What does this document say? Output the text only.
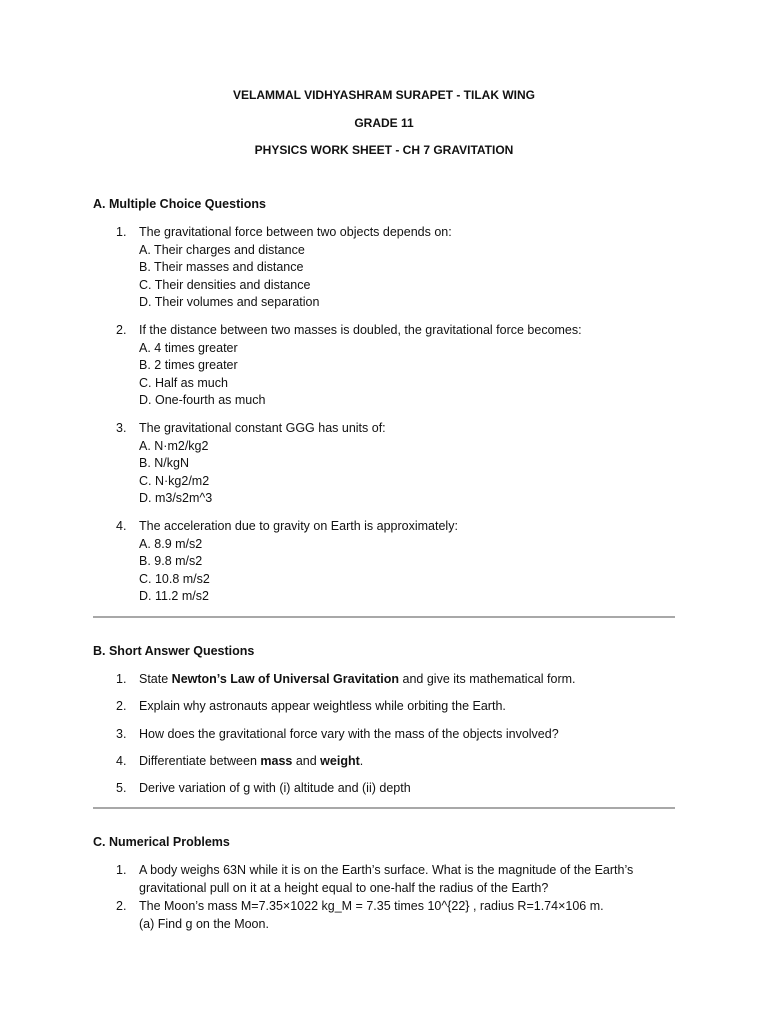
VELAMMAL VIDHYASHRAM SURAPET - TILAK WING
GRADE 11
PHYSICS WORK SHEET - CH 7 GRAVITATION
A. Multiple Choice Questions
1. The gravitational force between two objects depends on:
A. Their charges and distance
B. Their masses and distance
C. Their densities and distance
D. Their volumes and separation
2. If the distance between two masses is doubled, the gravitational force becomes:
A. 4 times greater
B. 2 times greater
C. Half as much
D. One-fourth as much
3. The gravitational constant GGG has units of:
A. N·m2/kg2
B. N/kgN
C. N·kg2/m2
D. m3/s2m^3
4. The acceleration due to gravity on Earth is approximately:
A. 8.9 m/s2
B. 9.8 m/s2
C. 10.8 m/s2
D. 11.2 m/s2
B. Short Answer Questions
1. State Newton’s Law of Universal Gravitation and give its mathematical form.
2. Explain why astronauts appear weightless while orbiting the Earth.
3. How does the gravitational force vary with the mass of the objects involved?
4. Differentiate between mass and weight.
5. Derive variation of g with (i) altitude and (ii) depth
C. Numerical Problems
1. A body weighs 63N while it is on the Earth’s surface. What is the magnitude of the Earth’s
gravitational pull on it at a height equal to one-half the radius of the Earth?
2. The Moon’s mass M=7.35×1022 kg_M = 7.35 times 10^{22} , radius R=1.74×106 m.
(a) Find g on the Moon.
